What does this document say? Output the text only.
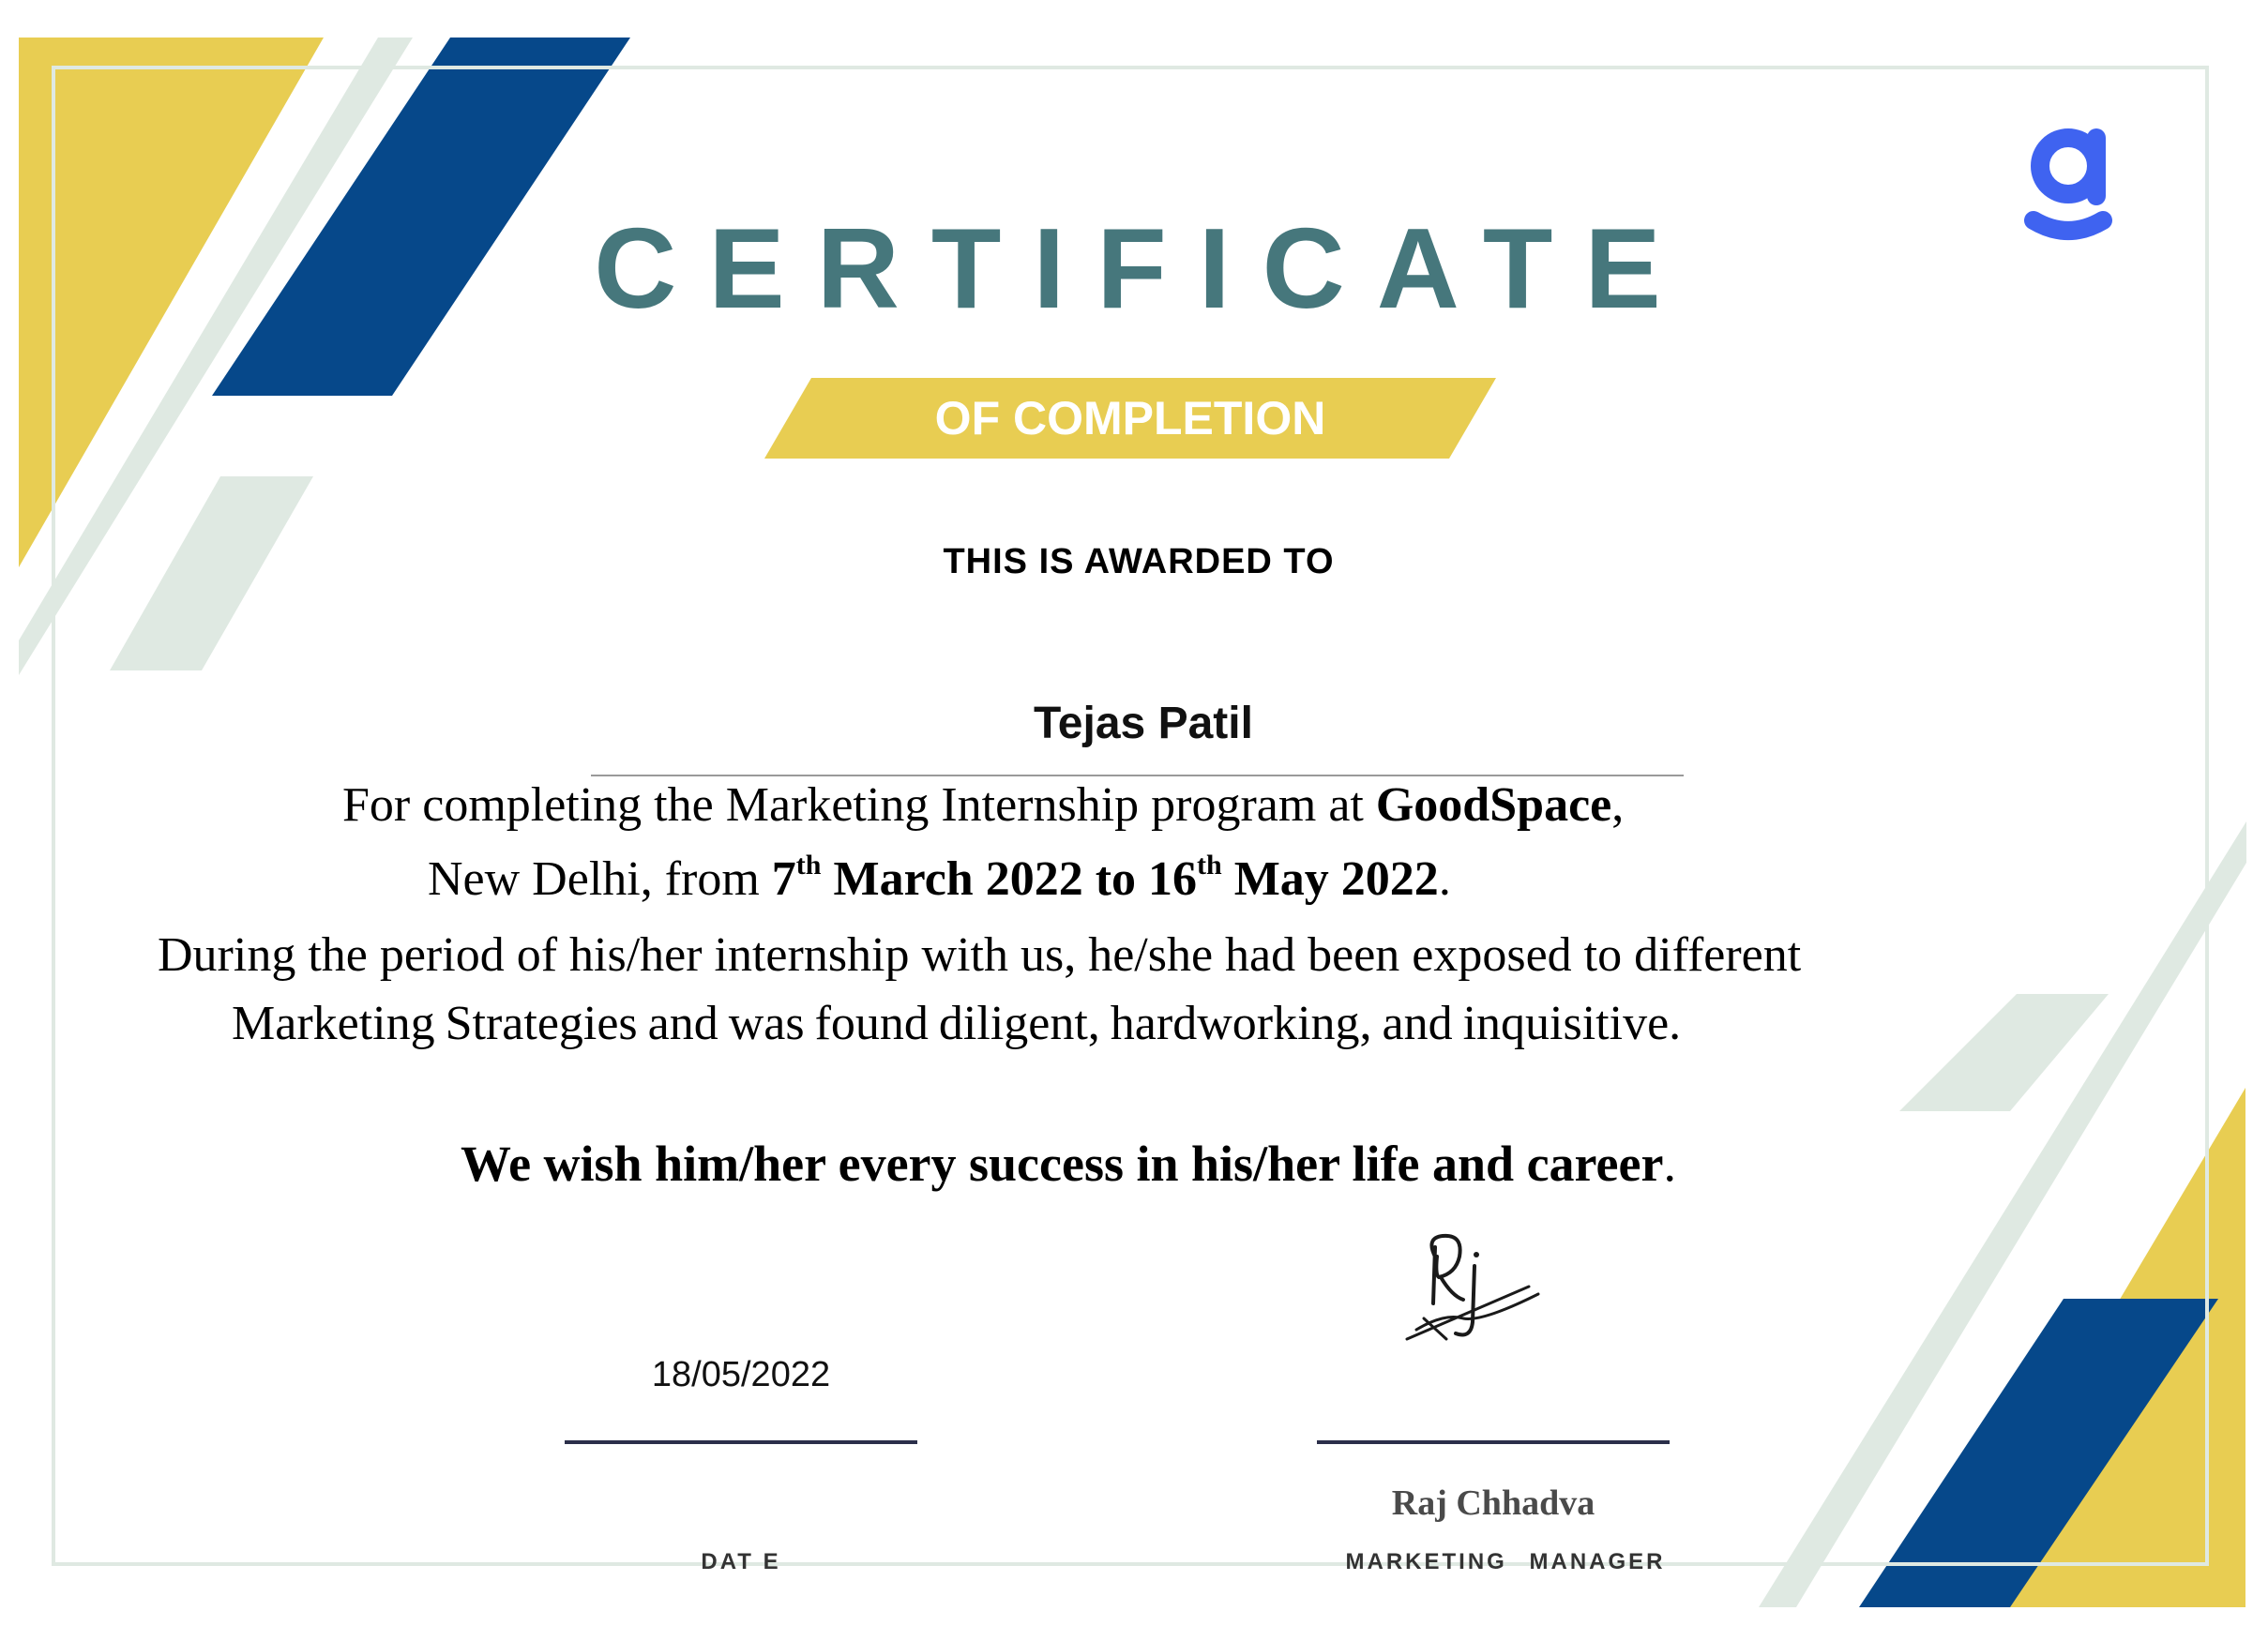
CERTIFICATE
OF COMPLETION
THIS IS AWARDED TO
Tejas Patil
For completing the Marketing Internship program at GoodSpace,
New Delhi, from 7th March 2022 to 16th May 2022.
During the period of his/her internship with us, he/she had been exposed to different
Marketing Strategies and was found diligent, hardworking, and inquisitive.
We wish him/her every success in his/her life and career.
18/05/2022
DAT E
Raj Chhadva
MARKETING MANAGER
